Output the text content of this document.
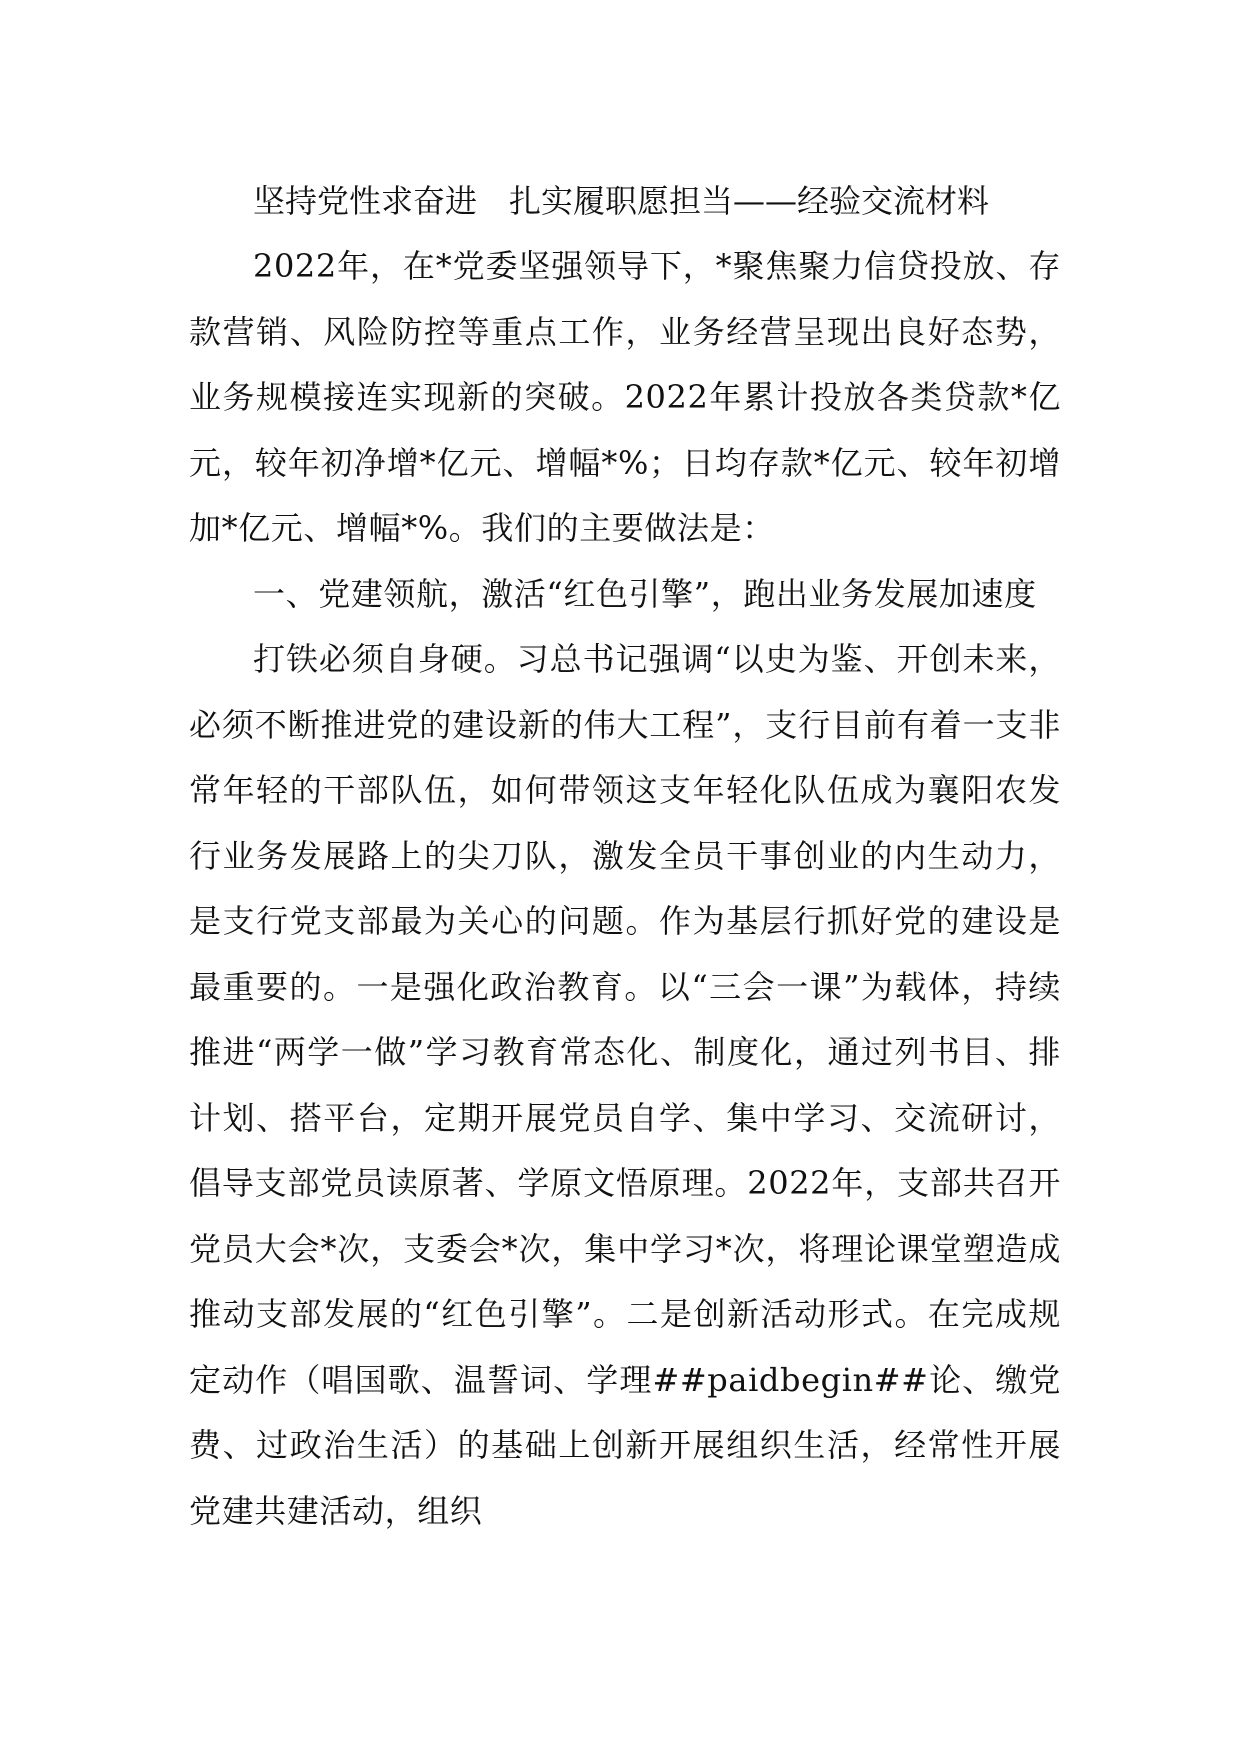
坚持党性求奋进　扎实履职愿担当——经验交流材料

2022年，在*党委坚强领导下，*聚焦聚力信贷投放、存款营销、风险防控等重点工作，业务经营呈现出良好态势，业务规模接连实现新的突破。2022年累计投放各类贷款*亿元，较年初净增*亿元、增幅*%；日均存款*亿元、较年初增加*亿元、增幅*%。我们的主要做法是：

一、党建领航，激活“红色引擎”，跑出业务发展加速度

打铁必须自身硬。习总书记强调“以史为鉴、开创未来，必须不断推进党的建设新的伟大工程”，支行目前有着一支非常年轻的干部队伍，如何带领这支年轻化队伍成为襄阳农发行业务发展路上的尖刀队，激发全员干事创业的内生动力，是支行党支部最为关心的问题。作为基层行抓好党的建设是最重要的。一是强化政治教育。以“三会一课”为载体，持续推进“两学一做”学习教育常态化、制度化，通过列书目、排计划、搭平台，定期开展党员自学、集中学习、交流研讨，倡导支部党员读原著、学原文悟原理。2022年，支部共召开党员大会*次，支委会*次，集中学习*次，将理论课堂塑造成推动支部发展的“红色引擎”。二是创新活动形式。在完成规定动作（唱国歌、温誓词、学理##paidbegin##论、缴党费、过政治生活）的基础上创新开展组织生活，经常性开展党建共建活动，组织
